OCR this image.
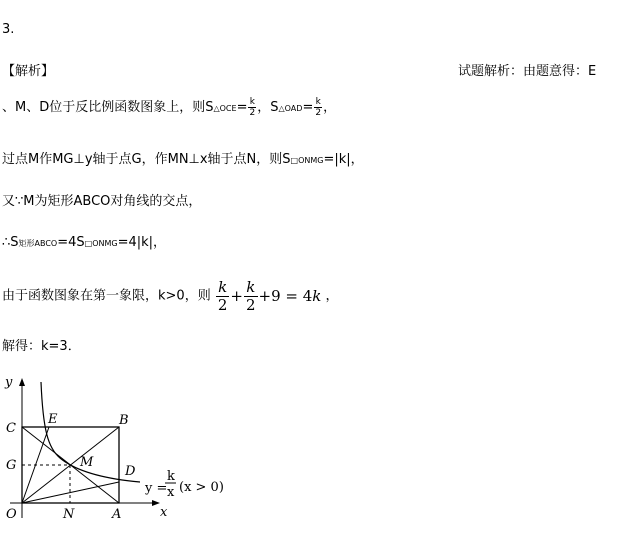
3.
【解析】	试题解析：由题意得：E
、M、D位于反比例函数图象上，则S△OCE= $\frac{k}{2}$ ，S△OAD= $\frac{k}{2}$ ，
过点M作MG⊥y轴于点G，作MN⊥x轴于点N，则S□ONMG=|k|，
又∵M为矩形ABCO对角线的交点，
∴S矩形ABCO=4S□ONMG=4|k|，
由于函数图象在第一象限，k>0，则 $\frac{k}{2} + \frac{k}{2} +9 = 4k$ ，
解得：k=3．
y
C
G
O
E	B
M
D
N	A	x
y =
k
x (x > 0)
